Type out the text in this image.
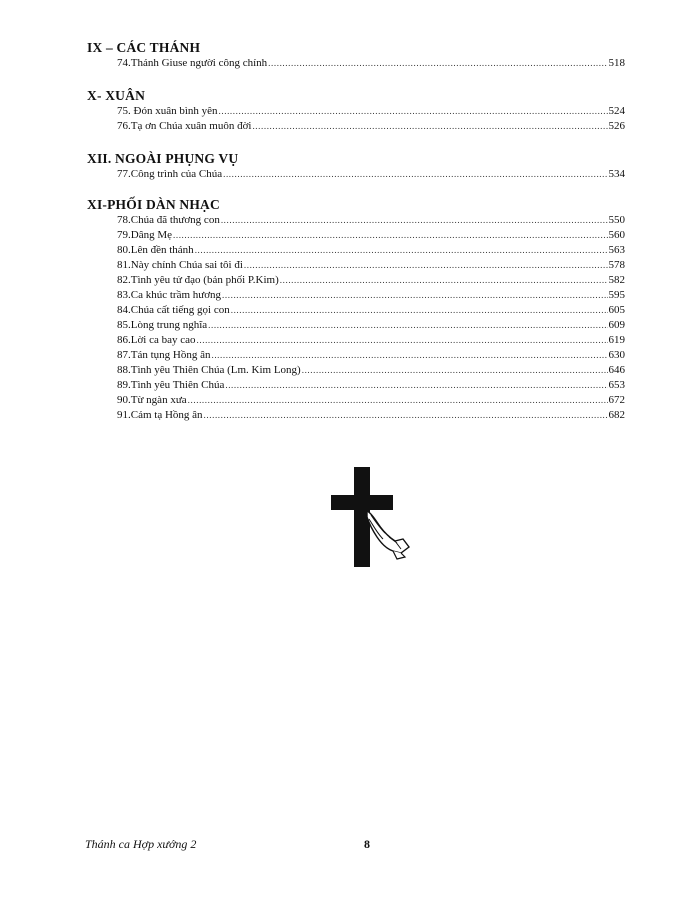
IX – CÁC THÁNH
74.Thánh Giuse người công chính .....	518
X- XUÂN
75. Đón xuân bình yên .....	524
76.Tạ ơn Chúa xuân muôn đời .....	526
XII. NGOÀI PHỤNG VỤ
77.Công trình của Chúa .....	534
XI-PHỐI DÀN NHẠC
78.Chúa đã thương con .....	550
79.Dâng Mẹ .....	560
80.Lên đền thánh .....	563
81.Này chính Chúa sai tôi đi .....	578
82.Tình yêu tử đạo (bản phối P.Kim) .....	582
83.Ca khúc trầm hương .....	595
84.Chúa cất tiếng gọi con .....	605
85.Lòng trung nghĩa .....	609
86.Lời ca bay cao .....	619
87.Tán tụng Hồng ân .....	630
88.Tình yêu Thiên Chúa (Lm. Kim Long) .....	646
89.Tình yêu Thiên Chúa .....	653
90.Từ ngàn xưa .....	672
91.Cảm tạ Hồng ân .....	682
Thánh ca Hợp xướng 2	8
